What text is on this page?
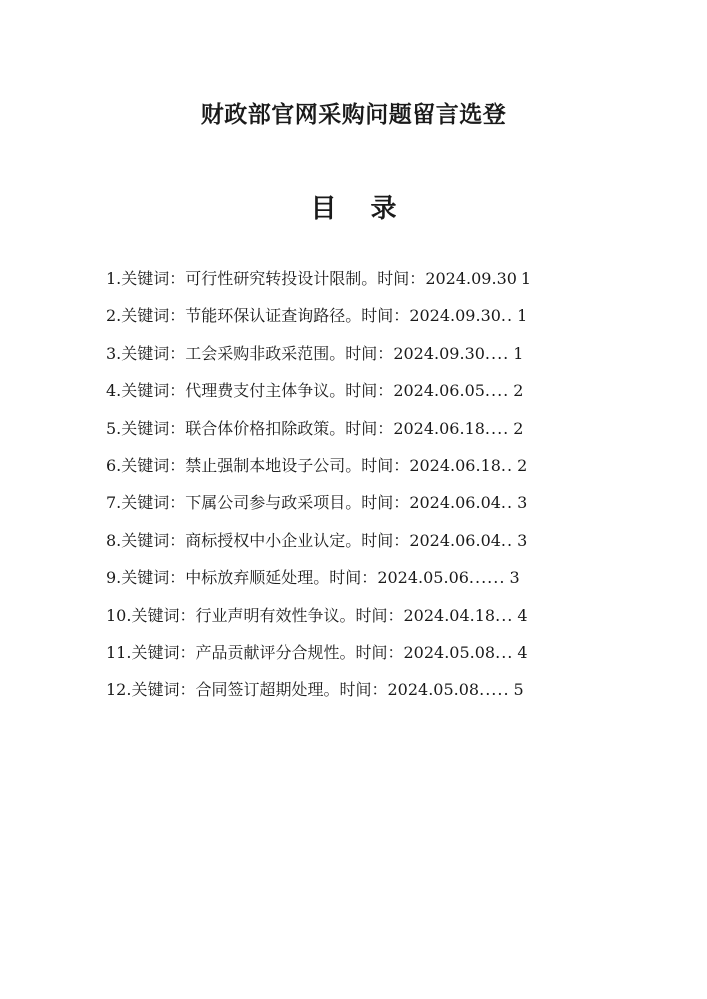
财政部官网采购问题留言选登
目 录
1.关键词：可行性研究转投设计限制。时间：2024.09.30 1
2.关键词：节能环保认证查询路径。时间：2024.09.30.. 1
3.关键词：工会采购非政采范围。时间：2024.09.30.... 1
4.关键词：代理费支付主体争议。时间：2024.06.05.... 2
5.关键词：联合体价格扣除政策。时间：2024.06.18.... 2
6.关键词：禁止强制本地设子公司。时间：2024.06.18.. 2
7.关键词：下属公司参与政采项目。时间：2024.06.04.. 3
8.关键词：商标授权中小企业认定。时间：2024.06.04.. 3
9.关键词：中标放弃顺延处理。时间：2024.05.06...... 3
10.关键词：行业声明有效性争议。时间：2024.04.18... 4
11.关键词：产品贡献评分合规性。时间：2024.05.08... 4
12.关键词：合同签订超期处理。时间：2024.05.08..... 5
